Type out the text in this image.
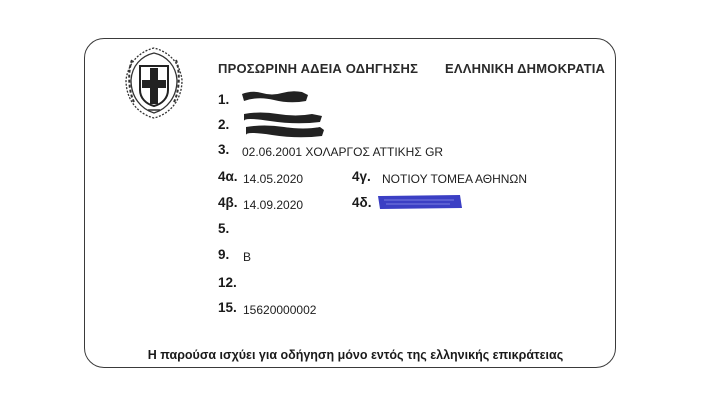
ΠΡΟΣΩΡΙΝΗ ΑΔΕΙΑ ΟΔΗΓΗΣΗΣ ΕΛΛΗΝΙΚΗ ΔΗΜΟΚΡΑΤΙΑ
1.
2.
3. 02.06.2001 ΧΟΛΑΡΓΟΣ ΑΤΤΙΚΗΣ GR
4α. 14.05.2020	4γ. ΝΟΤΙΟΥ ΤΟΜΕΑ ΑΘΗΝΩΝ
4β. 14.09.2020	4δ.
5.
9. B
12.
15. 15620000002
Η παρούσα ισχύει για οδήγηση μόνο εντός της ελληνικής επικράτειας
